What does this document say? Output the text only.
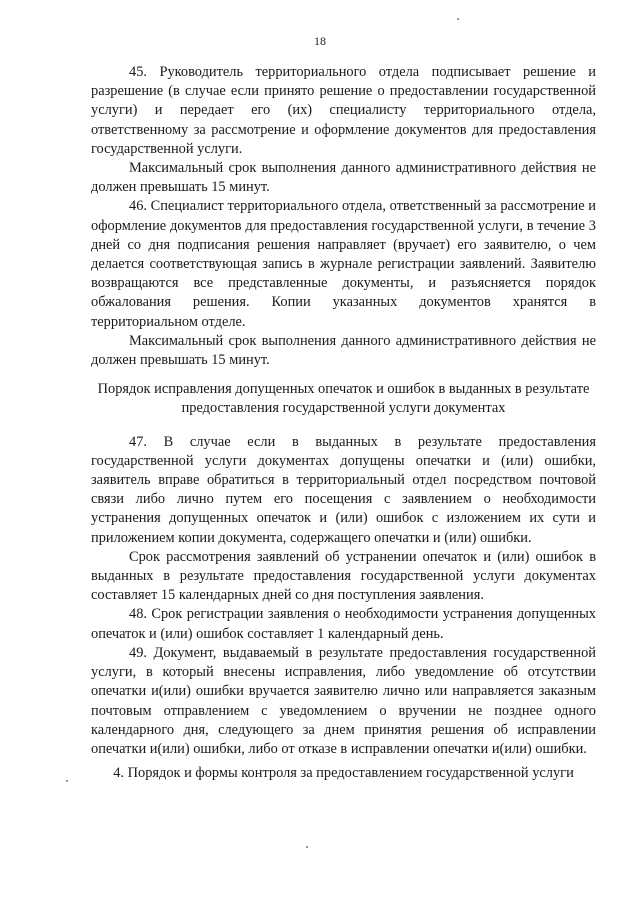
18

45. Руководитель территориального отдела подписывает решение и разрешение (в случае если принято решение о предоставлении государственной услуги) и передает его (их) специалисту территориального отдела, ответственному за рассмотрение и оформление документов для предоставления государственной услуги.

Максимальный срок выполнения данного административного действия не должен превышать 15 минут.

46. Специалист территориального отдела, ответственный за рассмотрение и оформление документов для предоставления государственной услуги, в течение 3 дней со дня подписания решения направляет (вручает) его заявителю, о чем делается соответствующая запись в журнале регистрации заявлений. Заявителю возвращаются все представленные документы, и разъясняется порядок обжалования решения. Копии указанных документов хранятся в территориальном отделе.

Максимальный срок выполнения данного административного действия не должен превышать 15 минут.

Порядок исправления допущенных опечаток и ошибок в выданных в результате предоставления государственной услуги документах

47. В случае если в выданных в результате предоставления государственной услуги документах допущены опечатки и (или) ошибки, заявитель вправе обратиться в территориальный отдел посредством почтовой связи либо лично путем его посещения с заявлением о необходимости устранения допущенных опечаток и (или) ошибок с изложением их сути и приложением копии документа, содержащего опечатки и (или) ошибки.

Срок рассмотрения заявлений об устранении опечаток и (или) ошибок в выданных в результате предоставления государственной услуги документах составляет 15 календарных дней со дня поступления заявления.

48. Срок регистрации заявления о необходимости устранения допущенных опечаток и (или) ошибок составляет 1 календарный день.

49. Документ, выдаваемый в результате предоставления государственной услуги, в который внесены исправления, либо уведомление об отсутствии опечатки и(или) ошибки вручается заявителю лично или направляется заказным почтовым отправлением с уведомлением о вручении не позднее одного календарного дня, следующего за днем принятия решения об исправлении опечатки и(или) ошибки, либо от отказе в исправлении опечатки и(или) ошибки.

4. Порядок и формы контроля за предоставлением государственной услуги
